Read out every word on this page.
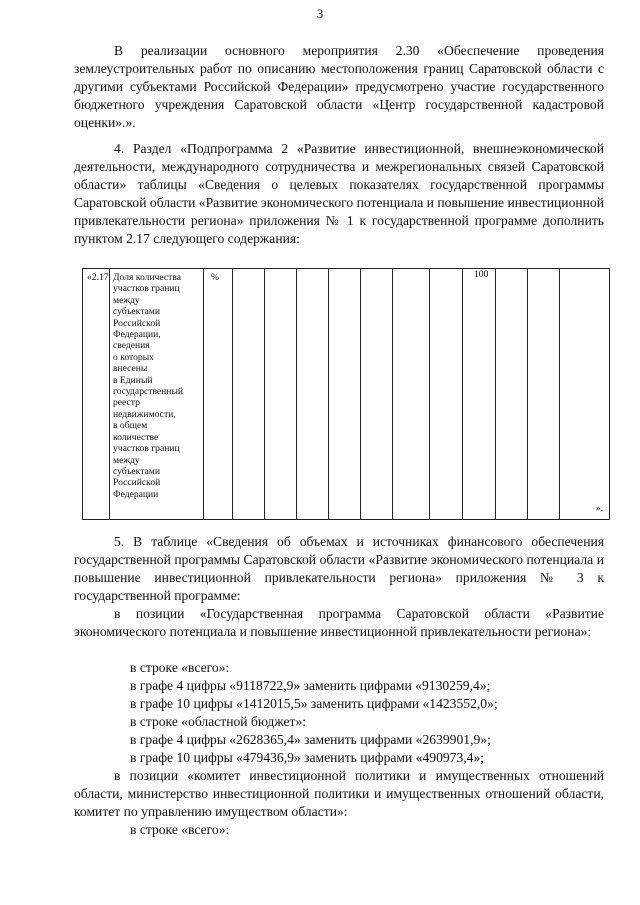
3

В реализации основного мероприятия 2.30 «Обеспечение проведения землеустроительных работ по описанию местоположения границ Саратовской области с другими субъектами Российской Федерации» предусмотрено участие государственного бюджетного учреждения Саратовской области «Центр государственной кадастровой оценки».».

4. Раздел «Подпрограмма 2 «Развитие инвестиционной, внешнеэкономической деятельности, международного сотрудничества и межрегиональных связей Саратовской области» таблицы «Сведения о целевых показателях государственной программы Саратовской области «Развитие экономического потенциала и повышение инвестиционной привлекательности региона» приложения № 1 к государственной программе дополнить пунктом 2.17 следующего содержания:

«2.17 Доля количества
участков границ
между
субъектами
Российской
Федерации,
сведения
о которых
внесены
в Единый
государственный
реестр
недвижимости,
в общем
количестве
участков границ
между
субъектами
Российской
Федерации
%	100
».

5. В таблице «Сведения об объемах и источниках финансового обеспечения государственной программы Саратовской области «Развитие экономического потенциала и повышение инвестиционной привлекательности региона» приложения № 3 к государственной программе:

в позиции «Государственная программа Саратовской области «Развитие экономического потенциала и повышение инвестиционной привлекательности региона»:

в строке «всего»:
в графе 4 цифры «9118722,9» заменить цифрами «9130259,4»;
в графе 10 цифры «1412015,5» заменить цифрами «1423552,0»;
в строке «областной бюджет»:
в графе 4 цифры «2628365,4» заменить цифрами «2639901,9»;
в графе 10 цифры «479436,9» заменить цифрами «490973,4»;

в позиции «комитет инвестиционной политики и имущественных отношений области, министерство инвестиционной политики и имущественных отношений области, комитет по управлению имуществом области»:

в строке «всего»:
